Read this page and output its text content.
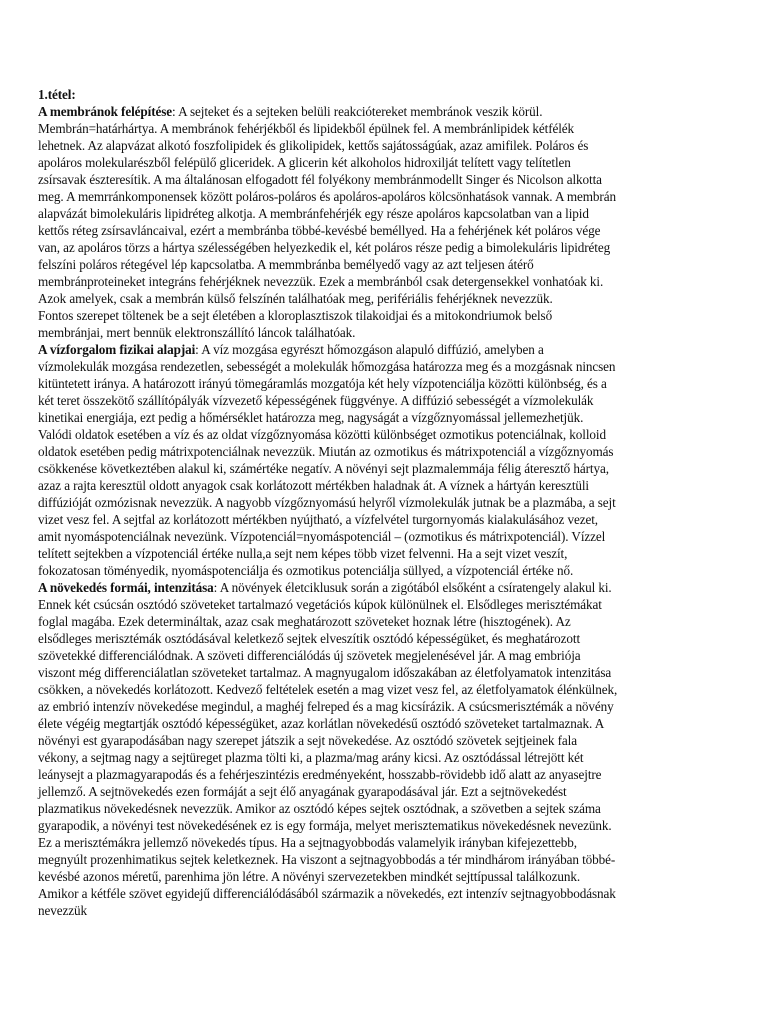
1.tétel:
A membránok felépítése: A sejteket és a sejteken belüli reakciótereket membránok veszik körül.
Membrán=határhártya. A membránok fehérjékből és lipidekből épülnek fel. A membránlipidek kétfélék
lehetnek. Az alapvázat alkotó foszfolipidek és glikolipidek, kettős sajátosságúak, azaz amifilek. Poláros és
apoláros molekularészből felépülő gliceridek. A glicerin két alkoholos hidroxilját telített vagy telítetlen
zsírsavak észteresítik. A ma általánosan elfogadott fél folyékony membránmodellt Singer és Nicolson alkotta
meg. A memrránkomponensek között poláros-poláros és apoláros-apoláros kölcsönhatások vannak. A membrán
alapvázát bimolekuláris lipidréteg alkotja. A membránfehérjék egy része apoláros kapcsolatban van a lipid
kettős réteg zsírsavláncaival, ezért a membránba többé-kevésbé beméllyed. Ha a fehérjének két poláros vége
van, az apoláros törzs a hártya szélességében helyezkedik el, két poláros része pedig a bimolekuláris lipidréteg
felszíni poláros rétegével lép kapcsolatba. A memmbránba bemélyedő vagy az azt teljesen átérő
membránproteineket integráns fehérjéknek nevezzük. Ezek a membránból csak detergensekkel vonhatóak ki.
Azok amelyek, csak a membrán külső felszínén találhatóak meg, perifériális fehérjéknek nevezzük.
Fontos szerepet töltenek be a sejt életében a kloroplasztiszok tilakoidjai és a mitokondriumok belső
membránjai, mert bennük elektronszállító láncok találhatóak.
A vízforgalom fizikai alapjai: A víz mozgása egyrészt hőmozgáson alapuló diffúzió, amelyben a
vízmolekulák mozgása rendezetlen, sebességét a molekulák hőmozgása határozza meg és a mozgásnak nincsen
kitüntetett iránya. A határozott irányú tömegáramlás mozgatója két hely vízpotenciálja közötti különbség, és a
két teret összekötő szállítópályák vízvezető képességének függvénye. A diffúzió sebességét a vízmolekulák
kinetikai energiája, ezt pedig a hőmérséklet határozza meg, nagyságát a vízgőznyomással jellemezhetjük.
Valódi oldatok esetében a víz és az oldat vízgőznyomása közötti különbséget ozmotikus potenciálnak, kolloid
oldatok esetében pedig mátrixpotenciálnak nevezzük. Miután az ozmotikus és mátrixpotenciál a vízgőznyomás
csökkenése következtében alakul ki, számértéke negatív. A növényi sejt plazmalemmája félig áteresztő hártya,
azaz a rajta keresztül oldott anyagok csak korlátozott mértékben haladnak át. A víznek a hártyán keresztüli
diffúzióját ozmózisnak nevezzük. A nagyobb vízgőznyomású helyről vízmolekulák jutnak be a plazmába, a sejt
vizet vesz fel. A sejtfal az korlátozott mértékben nyújtható, a vízfelvétel turgornyomás kialakulásához vezet,
amit nyomáspotenciálnak nevezünk. Vízpotenciál=nyomáspotenciál – (ozmotikus és mátrixpotenciál). Vízzel
telített sejtekben a vízpotenciál értéke nulla,a sejt nem képes több vizet felvenni. Ha a sejt vizet veszít,
fokozatosan töményedik, nyomáspotenciálja és ozmotikus potenciálja süllyed, a vízpotenciál értéke nő.
A növekedés formái, intenzitása: A növények életciklusuk során a zigótából elsőként a csíratengely alakul ki.
Ennek két csúcsán osztódó szöveteket tartalmazó vegetációs kúpok különülnek el. Elsődleges merisztémákat
foglal magába. Ezek determináltak, azaz csak meghatározott szöveteket hoznak létre (hisztogének). Az
elsődleges merisztémák osztódásával keletkező sejtek elveszítik osztódó képességüket, és meghatározott
szövetekké differenciálódnak. A szöveti differenciálódás új szövetek megjelenésével jár. A mag embriója
viszont még differenciálatlan szöveteket tartalmaz. A magnyugalom időszakában az életfolyamatok intenzitása
csökken, a növekedés korlátozott. Kedvező feltételek esetén a mag vizet vesz fel, az életfolyamatok élénkülnek,
az embrió intenzív növekedése megindul, a maghéj felreped és a mag kicsírázik. A csúcsmerisztémák a növény
élete végéig megtartják osztódó képességüket, azaz korlátlan növekedésű osztódó szöveteket tartalmaznak. A
növényi est gyarapodásában nagy szerepet játszik a sejt növekedése. Az osztódó szövetek sejtjeinek fala
vékony, a sejtmag nagy a sejtüreget plazma tölti ki, a plazma/mag arány kicsi. Az osztódással létrejött két
leánysejt a plazmagyarapodás és a fehérjeszintézis eredményeként, hosszabb-rövidebb idő alatt az anyasejtre
jellemző. A sejtnövekedés ezen formáját a sejt élő anyagának gyarapodásával jár. Ezt a sejtnövekedést
plazmatikus növekedésnek nevezzük. Amikor az osztódó képes sejtek osztódnak, a szövetben a sejtek száma
gyarapodik, a növényi test növekedésének ez is egy formája, melyet merisztematikus növekedésnek nevezünk.
Ez a merisztémákra jellemző növekedés típus. Ha a sejtnagyobbodás valamelyik irányban kifejezettebb,
megnyúlt prozenhimatikus sejtek keletkeznek. Ha viszont a sejtnagyobbodás a tér mindhárom irányában többé-
kevésbé azonos méretű, parenhima jön létre. A növényi szervezetekben mindkét sejttípussal találkozunk.
Amikor a kétféle szövet egyidejű differenciálódásából származik a növekedés, ezt intenzív sejtnagyobbodásnak
nevezzük
